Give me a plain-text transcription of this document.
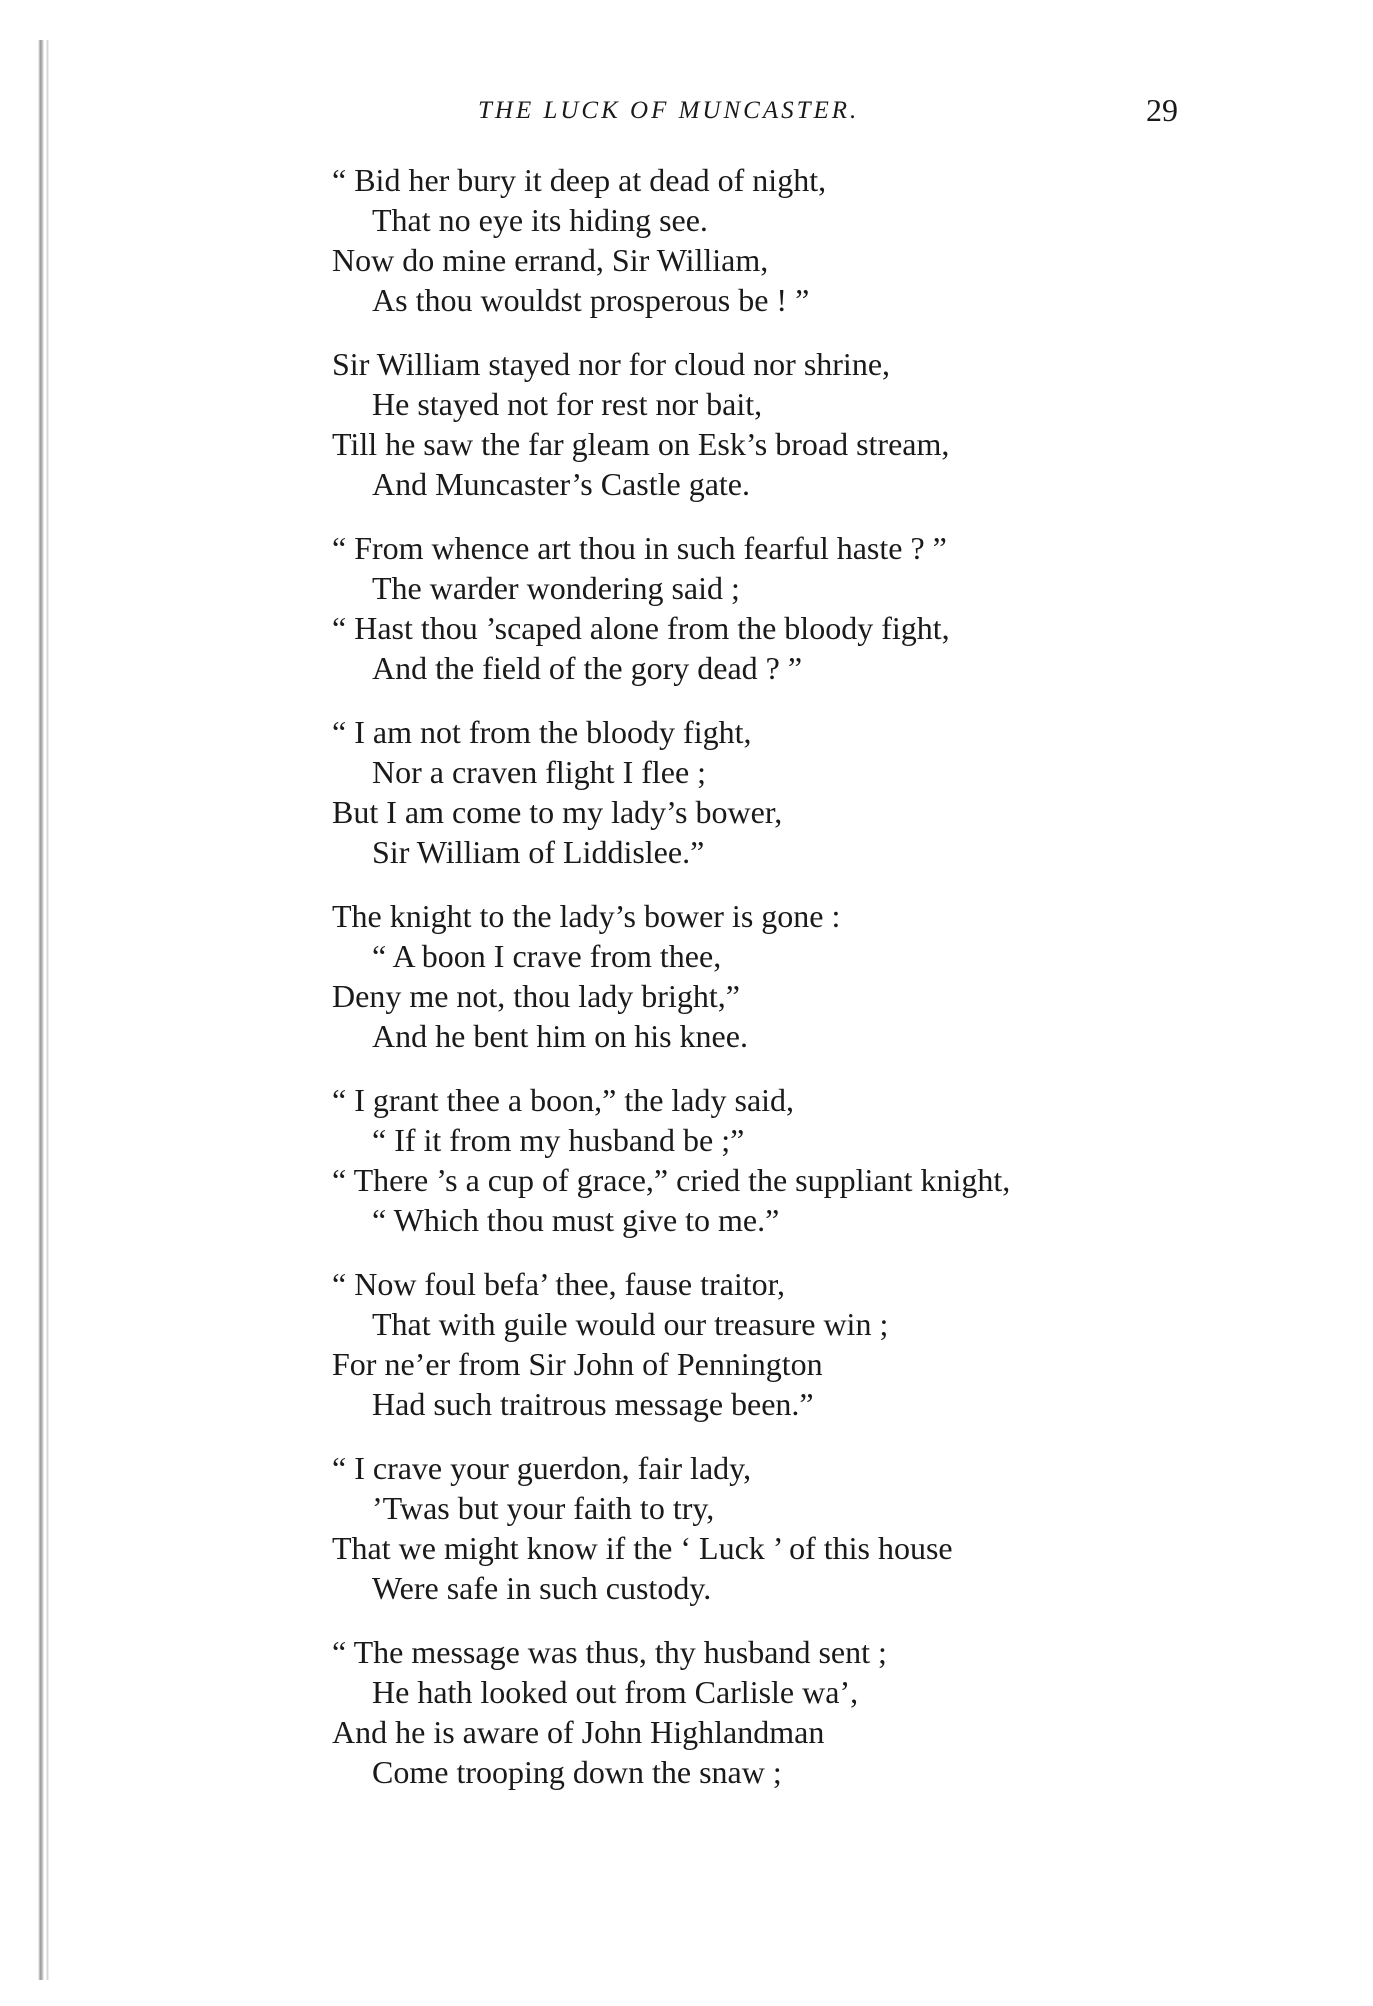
THE LUCK OF MUNCASTER.	29
“ Bid her bury it deep at dead of night,
That no eye its hiding see.
Now do mine errand, Sir William,
As thou wouldst prosperous be ! ”
Sir William stayed nor for cloud nor shrine,
He stayed not for rest nor bait,
Till he saw the far gleam on Esk’s broad stream,
And Muncaster’s Castle gate.
“ From whence art thou in such fearful haste ? ”
The warder wondering said ;
“ Hast thou ’scaped alone from the bloody fight,
And the field of the gory dead ? ”
“ I am not from the bloody fight,
Nor a craven flight I flee ;
But I am come to my lady’s bower,
Sir William of Liddislee.”
The knight to the lady’s bower is gone :
“ A boon I crave from thee,
Deny me not, thou lady bright,”
And he bent him on his knee.
“ I grant thee a boon,” the lady said,
“ If it from my husband be ;”
“ There ’s a cup of grace,” cried the suppliant knight,
“ Which thou must give to me.”
“ Now foul befa’ thee, fause traitor,
That with guile would our treasure win ;
For ne’er from Sir John of Pennington
Had such traitrous message been.”
“ I crave your guerdon, fair lady,
’Twas but your faith to try,
That we might know if the ‘ Luck ’ of this house
Were safe in such custody.
“ The message was thus, thy husband sent ;
He hath looked out from Carlisle wa’,
And he is aware of John Highlandman
Come trooping down the snaw ;
